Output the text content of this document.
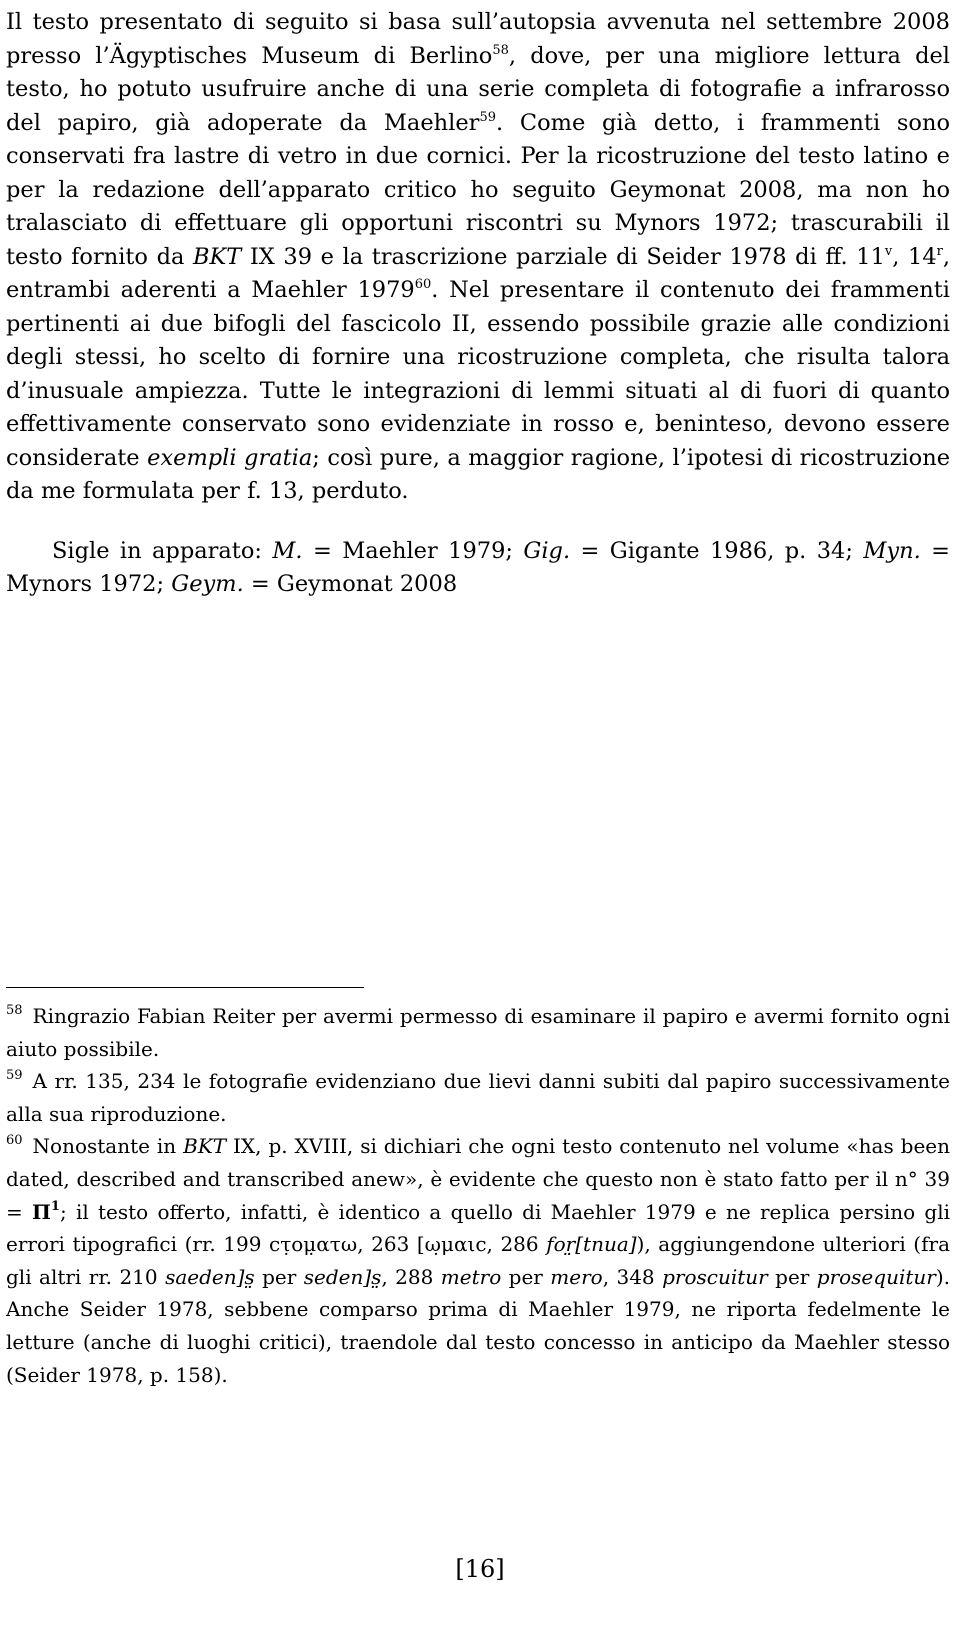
Il testo presentato di seguito si basa sull’autopsia avvenuta nel settembre 2008 presso l’Ägyptisches Museum di Berlino$^{58}$, dove, per una migliore lettura del testo, ho potuto usufruire anche di una serie completa di fotografie a infrarosso del papiro, già adoperate da Maehler$^{59}$. Come già detto, i frammenti sono conservati fra lastre di vetro in due cornici. Per la ricostruzione del testo latino e per la redazione dell’apparato critico ho seguito Geymonat 2008, ma non ho tralasciato di effettuare gli opportuni riscontri su Mynors 1972; trascurabili il testo fornito da BKT IX 39 e la trascrizione parziale di Seider 1978 di ff. 11$^v$, 14$^r$, entrambi aderenti a Maehler 1979$^{60}$. Nel presentare il contenuto dei frammenti pertinenti ai due bifogli del fascicolo II, essendo possibile grazie alle condizioni degli stessi, ho scelto di fornire una ricostruzione completa, che risulta talora d’inusuale ampiezza. Tutte le integrazioni di lemmi situati al di fuori di quanto effettivamente conservato sono evidenziate in rosso e, beninteso, devono essere considerate exempli gratia; così pure, a maggior ragione, l’ipotesi di ricostruzione da me formulata per f. 13, perduto.

Sigle in apparato: M. = Maehler 1979; Gig. = Gigante 1986, p. 34; Myn. = Mynors 1972; Geym. = Geymonat 2008

$^{58}$ Ringrazio Fabian Reiter per avermi permesso di esaminare il papiro e avermi fornito ogni aiuto possibile.

$^{59}$ A rr. 135, 234 le fotografie evidenziano due lievi danni subiti dal papiro successivamente alla sua riproduzione.

$^{60}$ Nonostante in BKT IX, p. XVIII, si dichiari che ogni testo contenuto nel volume «has been dated, described and transcribed anew», è evidente che questo non è stato fatto per il n° $39 = \Pi^1$; il testo offerto, infatti, è identico a quello di Maehler 1979 e ne replica persino gli errori tipografici (rr. 199 ϲτ̣ομ̣ατω, 263 [ω̣μαιϲ, 286 for̤[tnua]), aggiungendone ulteriori (fra gli altri rr. 210 saeden]s̤ per seden]s̤, 288 metro per mero, 348 proscuitur per prosequitur). Anche Seider 1978, sebbene comparso prima di Maehler 1979, ne riporta fedelmente le letture (anche di luoghi critici), traendole dal testo concesso in anticipo da Maehler stesso (Seider 1978, p. 158).

[16]
